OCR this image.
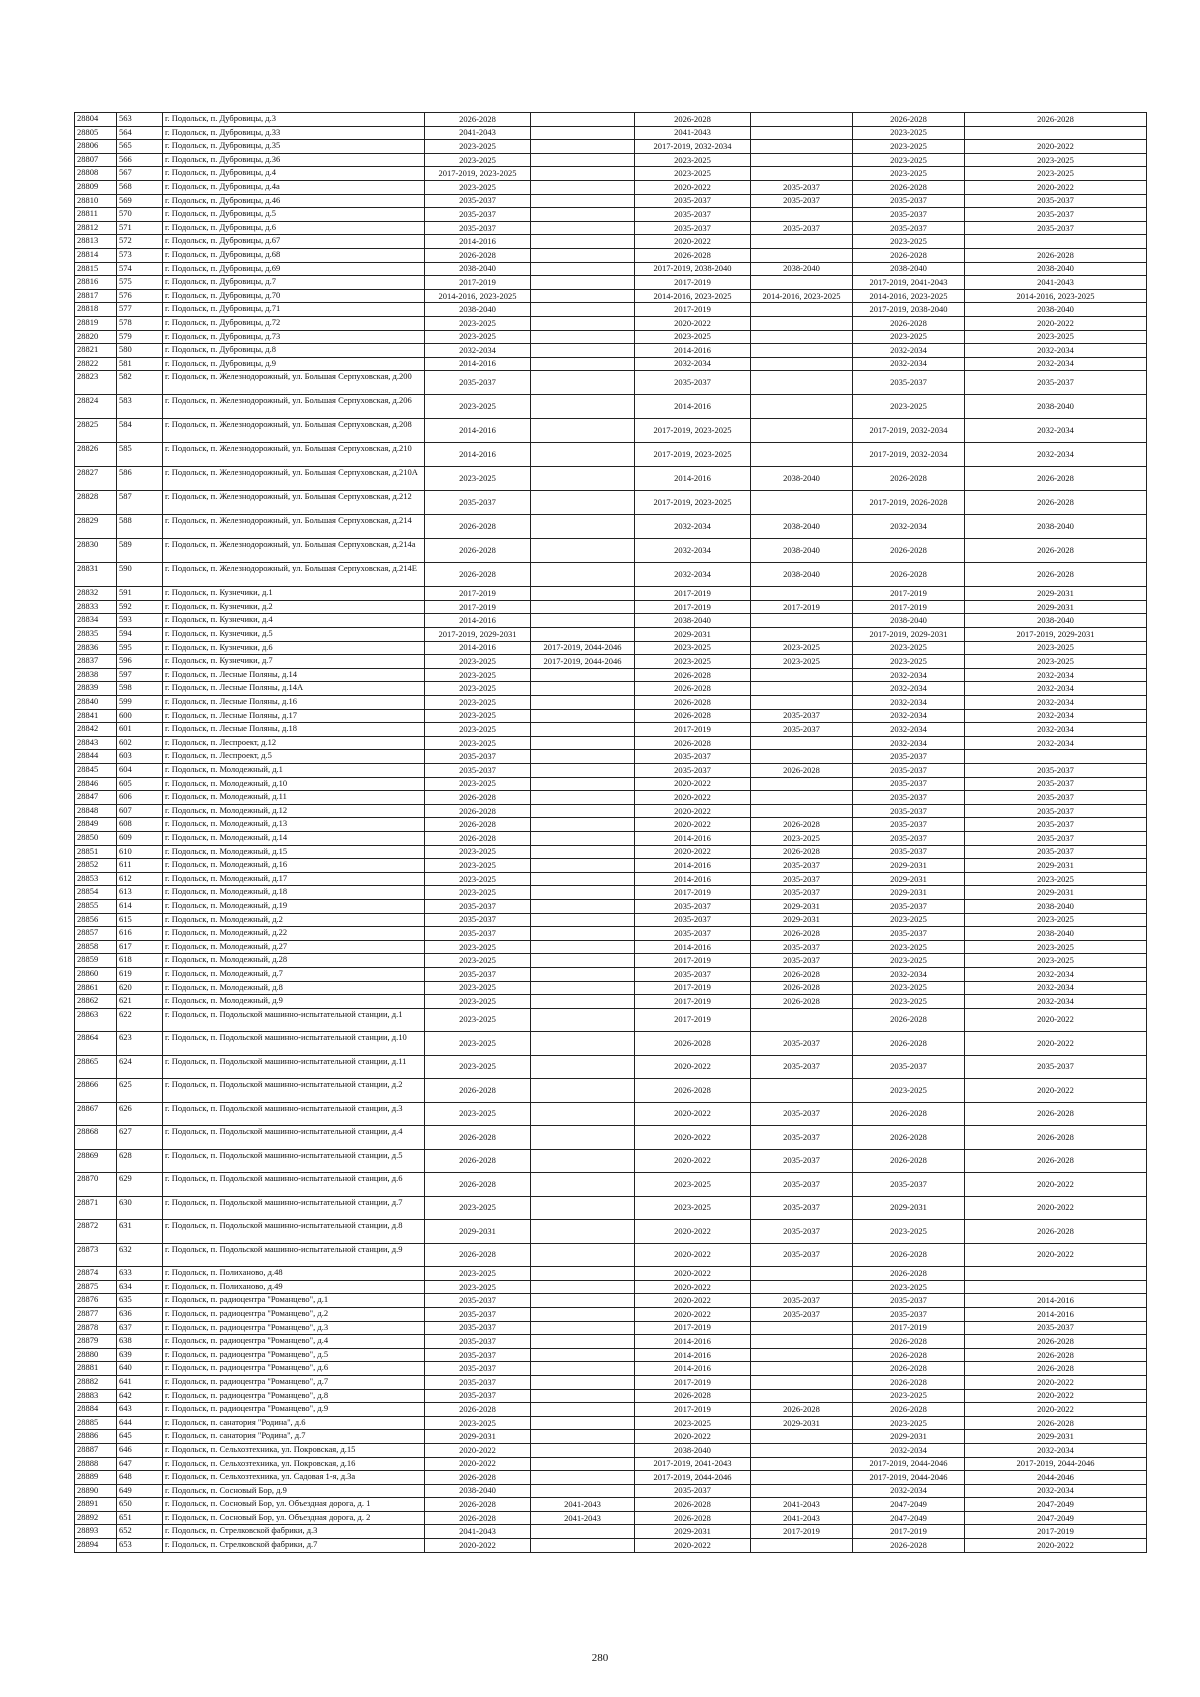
28804	563	г. Подольск, п. Дубровицы, д.3	2026-2028		2026-2028		2026-2028	2026-2028
28805	564	г. Подольск, п. Дубровицы, д.33	2041-2043		2041-2043		2023-2025	
28806	565	г. Подольск, п. Дубровицы, д.35	2023-2025		2017-2019, 2032-2034		2023-2025	2020-2022
28807	566	г. Подольск, п. Дубровицы, д.36	2023-2025		2023-2025		2023-2025	2023-2025
28808	567	г. Подольск, п. Дубровицы, д.4	2017-2019, 2023-2025		2023-2025		2023-2025	2023-2025
28809	568	г. Подольск, п. Дубровицы, д.4а	2023-2025		2020-2022	2035-2037	2026-2028	2020-2022
28810	569	г. Подольск, п. Дубровицы, д.46	2035-2037		2035-2037	2035-2037	2035-2037	2035-2037
28811	570	г. Подольск, п. Дубровицы, д.5	2035-2037		2035-2037		2035-2037	2035-2037
28812	571	г. Подольск, п. Дубровицы, д.6	2035-2037		2035-2037	2035-2037	2035-2037	2035-2037
28813	572	г. Подольск, п. Дубровицы, д.67	2014-2016		2020-2022		2023-2025	
28814	573	г. Подольск, п. Дубровицы, д.68	2026-2028		2026-2028		2026-2028	2026-2028
28815	574	г. Подольск, п. Дубровицы, д.69	2038-2040		2017-2019, 2038-2040	2038-2040	2038-2040	2038-2040
28816	575	г. Подольск, п. Дубровицы, д.7	2017-2019		2017-2019		2017-2019, 2041-2043	2041-2043
28817	576	г. Подольск, п. Дубровицы, д.70	2014-2016, 2023-2025		2014-2016, 2023-2025	2014-2016, 2023-2025	2014-2016, 2023-2025	2014-2016, 2023-2025
28818	577	г. Подольск, п. Дубровицы, д.71	2038-2040		2017-2019		2017-2019, 2038-2040	2038-2040
28819	578	г. Подольск, п. Дубровицы, д.72	2023-2025		2020-2022		2026-2028	2020-2022
28820	579	г. Подольск, п. Дубровицы, д.73	2023-2025		2023-2025		2023-2025	2023-2025
28821	580	г. Подольск, п. Дубровицы, д.8	2032-2034		2014-2016		2032-2034	2032-2034
28822	581	г. Подольск, п. Дубровицы, д.9	2014-2016		2032-2034		2032-2034	2032-2034
28823	582	г. Подольск, п. Железнодорожный, ул. Большая Серпуховская, д.200	2035-2037		2035-2037		2035-2037	2035-2037
28824	583	г. Подольск, п. Железнодорожный, ул. Большая Серпуховская, д.206	2023-2025		2014-2016		2023-2025	2038-2040
28825	584	г. Подольск, п. Железнодорожный, ул. Большая Серпуховская, д.208	2014-2016		2017-2019, 2023-2025		2017-2019, 2032-2034	2032-2034
28826	585	г. Подольск, п. Железнодорожный, ул. Большая Серпуховская, д.210	2014-2016		2017-2019, 2023-2025		2017-2019, 2032-2034	2032-2034
28827	586	г. Подольск, п. Железнодорожный, ул. Большая Серпуховская, д.210А	2023-2025		2014-2016	2038-2040	2026-2028	2026-2028
28828	587	г. Подольск, п. Железнодорожный, ул. Большая Серпуховская, д.212	2035-2037		2017-2019, 2023-2025		2017-2019, 2026-2028	2026-2028
28829	588	г. Подольск, п. Железнодорожный, ул. Большая Серпуховская, д.214	2026-2028		2032-2034	2038-2040	2032-2034	2038-2040
28830	589	г. Подольск, п. Железнодорожный, ул. Большая Серпуховская, д.214а	2026-2028		2032-2034	2038-2040	2026-2028	2026-2028
28831	590	г. Подольск, п. Железнодорожный, ул. Большая Серпуховская, д.214Е	2026-2028		2032-2034	2038-2040	2026-2028	2026-2028
28832	591	г. Подольск, п. Кузнечики, д.1	2017-2019		2017-2019		2017-2019	2029-2031
28833	592	г. Подольск, п. Кузнечики, д.2	2017-2019		2017-2019	2017-2019	2017-2019	2029-2031
28834	593	г. Подольск, п. Кузнечики, д.4	2014-2016		2038-2040		2038-2040	2038-2040
28835	594	г. Подольск, п. Кузнечики, д.5	2017-2019, 2029-2031		2029-2031		2017-2019, 2029-2031	2017-2019, 2029-2031
28836	595	г. Подольск, п. Кузнечики, д.6	2014-2016	2017-2019, 2044-2046	2023-2025	2023-2025	2023-2025	2023-2025
28837	596	г. Подольск, п. Кузнечики, д.7	2023-2025	2017-2019, 2044-2046	2023-2025	2023-2025	2023-2025	2023-2025
28838	597	г. Подольск, п. Лесные Поляны, д.14	2023-2025		2026-2028		2032-2034	2032-2034
28839	598	г. Подольск, п. Лесные Поляны, д.14А	2023-2025		2026-2028		2032-2034	2032-2034
28840	599	г. Подольск, п. Лесные Поляны, д.16	2023-2025		2026-2028		2032-2034	2032-2034
28841	600	г. Подольск, п. Лесные Поляны, д.17	2023-2025		2026-2028	2035-2037	2032-2034	2032-2034
28842	601	г. Подольск, п. Лесные Поляны, д.18	2023-2025		2017-2019	2035-2037	2032-2034	2032-2034
28843	602	г. Подольск, п. Леспроект, д.12	2023-2025		2026-2028		2032-2034	2032-2034
28844	603	г. Подольск, п. Леспроект, д.5	2035-2037		2035-2037		2035-2037	
28845	604	г. Подольск, п. Молодежный, д.1	2035-2037		2035-2037	2026-2028	2035-2037	2035-2037
28846	605	г. Подольск, п. Молодежный, д.10	2023-2025		2020-2022		2035-2037	2035-2037
28847	606	г. Подольск, п. Молодежный, д.11	2026-2028		2020-2022		2035-2037	2035-2037
28848	607	г. Подольск, п. Молодежный, д.12	2026-2028		2020-2022		2035-2037	2035-2037
28849	608	г. Подольск, п. Молодежный, д.13	2026-2028		2020-2022	2026-2028	2035-2037	2035-2037
28850	609	г. Подольск, п. Молодежный, д.14	2026-2028		2014-2016	2023-2025	2035-2037	2035-2037
28851	610	г. Подольск, п. Молодежный, д.15	2023-2025		2020-2022	2026-2028	2035-2037	2035-2037
28852	611	г. Подольск, п. Молодежный, д.16	2023-2025		2014-2016	2035-2037	2029-2031	2029-2031
28853	612	г. Подольск, п. Молодежный, д.17	2023-2025		2014-2016	2035-2037	2029-2031	2023-2025
28854	613	г. Подольск, п. Молодежный, д.18	2023-2025		2017-2019	2035-2037	2029-2031	2029-2031
28855	614	г. Подольск, п. Молодежный, д.19	2035-2037		2035-2037	2029-2031	2035-2037	2038-2040
28856	615	г. Подольск, п. Молодежный, д.2	2035-2037		2035-2037	2029-2031	2023-2025	2023-2025
28857	616	г. Подольск, п. Молодежный, д.22	2035-2037		2035-2037	2026-2028	2035-2037	2038-2040
28858	617	г. Подольск, п. Молодежный, д.27	2023-2025		2014-2016	2035-2037	2023-2025	2023-2025
28859	618	г. Подольск, п. Молодежный, д.28	2023-2025		2017-2019	2035-2037	2023-2025	2023-2025
28860	619	г. Подольск, п. Молодежный, д.7	2035-2037		2035-2037	2026-2028	2032-2034	2032-2034
28861	620	г. Подольск, п. Молодежный, д.8	2023-2025		2017-2019	2026-2028	2023-2025	2032-2034
28862	621	г. Подольск, п. Молодежный, д.9	2023-2025		2017-2019	2026-2028	2023-2025	2032-2034
28863	622	г. Подольск, п. Подольской машинно-испытательной станции, д.1	2023-2025		2017-2019		2026-2028	2020-2022
28864	623	г. Подольск, п. Подольской машинно-испытательной станции, д.10	2023-2025		2026-2028	2035-2037	2026-2028	2020-2022
28865	624	г. Подольск, п. Подольской машинно-испытательной станции, д.11	2023-2025		2020-2022	2035-2037	2035-2037	2035-2037
28866	625	г. Подольск, п. Подольской машинно-испытательной станции, д.2	2026-2028		2026-2028		2023-2025	2020-2022
28867	626	г. Подольск, п. Подольской машинно-испытательной станции, д.3	2023-2025		2020-2022	2035-2037	2026-2028	2026-2028
28868	627	г. Подольск, п. Подольской машинно-испытательной станции, д.4	2026-2028		2020-2022	2035-2037	2026-2028	2026-2028
28869	628	г. Подольск, п. Подольской машинно-испытательной станции, д.5	2026-2028		2020-2022	2035-2037	2026-2028	2026-2028
28870	629	г. Подольск, п. Подольской машинно-испытательной станции, д.6	2026-2028		2023-2025	2035-2037	2035-2037	2020-2022
28871	630	г. Подольск, п. Подольской машинно-испытательной станции, д.7	2023-2025		2023-2025	2035-2037	2029-2031	2020-2022
28872	631	г. Подольск, п. Подольской машинно-испытательной станции, д.8	2029-2031		2020-2022	2035-2037	2023-2025	2026-2028
28873	632	г. Подольск, п. Подольской машинно-испытательной станции, д.9	2026-2028		2020-2022	2035-2037	2026-2028	2020-2022
28874	633	г. Подольск, п. Полиханово, д.48	2023-2025		2020-2022		2026-2028	
28875	634	г. Подольск, п. Полиханово, д.49	2023-2025		2020-2022		2023-2025	
28876	635	г. Подольск, п. радиоцентра "Романцево", д.1	2035-2037		2020-2022	2035-2037	2035-2037	2014-2016
28877	636	г. Подольск, п. радиоцентра "Романцево", д.2	2035-2037		2020-2022	2035-2037	2035-2037	2014-2016
28878	637	г. Подольск, п. радиоцентра "Романцево", д.3	2035-2037		2017-2019		2017-2019	2035-2037
28879	638	г. Подольск, п. радиоцентра "Романцево", д.4	2035-2037		2014-2016		2026-2028	2026-2028
28880	639	г. Подольск, п. радиоцентра "Романцево", д.5	2035-2037		2014-2016		2026-2028	2026-2028
28881	640	г. Подольск, п. радиоцентра "Романцево", д.6	2035-2037		2014-2016		2026-2028	2026-2028
28882	641	г. Подольск, п. радиоцентра "Романцево", д.7	2035-2037		2017-2019		2026-2028	2020-2022
28883	642	г. Подольск, п. радиоцентра "Романцево", д.8	2035-2037		2026-2028		2023-2025	2020-2022
28884	643	г. Подольск, п. радиоцентра "Романцево", д.9	2026-2028		2017-2019	2026-2028	2026-2028	2020-2022
28885	644	г. Подольск, п. санатория "Родина", д.6	2023-2025		2023-2025	2029-2031	2023-2025	2026-2028
28886	645	г. Подольск, п. санатория "Родина", д.7	2029-2031		2020-2022		2029-2031	2029-2031
28887	646	г. Подольск, п. Сельхозтехника, ул. Покровская, д.15	2020-2022		2038-2040		2032-2034	2032-2034
28888	647	г. Подольск, п. Сельхозтехника, ул. Покровская, д.16	2020-2022		2017-2019, 2041-2043		2017-2019, 2044-2046	2017-2019, 2044-2046
28889	648	г. Подольск, п. Сельхозтехника, ул. Садовая 1-я, д.3а	2026-2028		2017-2019, 2044-2046		2017-2019, 2044-2046	2044-2046
28890	649	г. Подольск, п. Сосновый Бор, д.9	2038-2040		2035-2037		2032-2034	2032-2034
28891	650	г. Подольск, п. Сосновый Бор, ул. Объездная дорога, д. 1	2026-2028	2041-2043	2026-2028	2041-2043	2047-2049	2047-2049
28892	651	г. Подольск, п. Сосновый Бор, ул. Объездная дорога, д. 2	2026-2028	2041-2043	2026-2028	2041-2043	2047-2049	2047-2049
28893	652	г. Подольск, п. Стрелковской фабрики, д.3	2041-2043		2029-2031	2017-2019	2017-2019	2017-2019
28894	653	г. Подольск, п. Стрелковской фабрики, д.7	2020-2022		2020-2022		2026-2028	2020-2022
280
